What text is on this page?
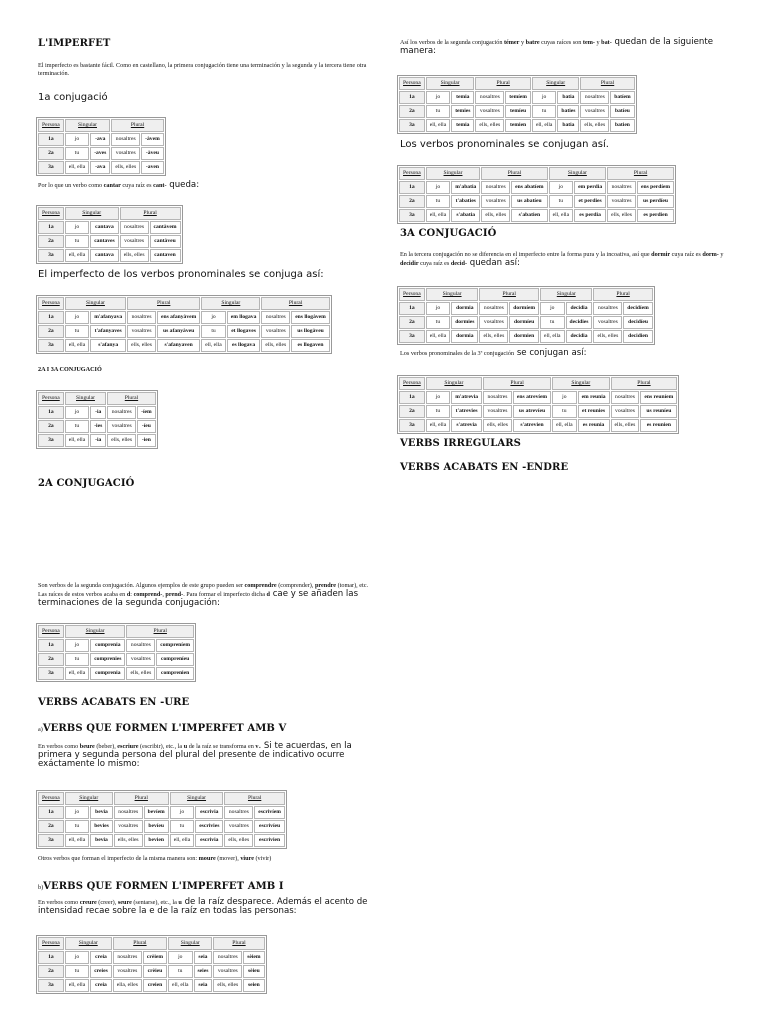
L'IMPERFET
El imperfecto es bastante fácil. Como en castellano, la primera conjugación tiene una terminación y la segunda y la tercera tiene otra terminación.
1a conjugació
Persona	Singular		Plural	
1a	jo	-ava	nosaltres	-àvem
2a	tu	-aves	vosaltres	-àveu
3a	ell, ella	-ava	ells, elles	-aven
Por lo que un verbo como cantar cuya raíz es cant- queda:
Persona	Singular		Plural	
1a	jo	cantava	nosaltres	cantàvem
2a	tu	cantaves	vosaltres	cantàveu
3a	ell, ella	cantava	ells, elles	cantaven
El imperfecto de los verbos pronominales se conjuga así:
Persona	Singular		Plural		Singular		Plural	
1a	jo	m'afanyava	nosaltres	ens afanyàvem	jo	em llogava	nosaltres	ens llogàvem
2a	tu	t'afanyaves	vosaltres	us afanyàveu	tu	et llogaves	vosaltres	us llogàveu
3a	ell, ella	s'afanya	ells, elles	s'afanyaven	ell, ella	es llogava	ells, elles	es llogaven
2A I 3A CONJUGACIÓ
Persona	Singular		Plural	
1a	jo	-ia	nosaltres	-íem
2a	tu	-ies	vosaltres	-íeu
3a	ell, ella	-ia	ells, elles	-ien
2A CONJUGACIÓ
Son verbos de la segunda conjugación. Algunos ejemplos de este grupo pueden ser comprendre (comprender), prendre (tomar), etc. Las raíces de estos verbos acaba en d: comprend-, prend-. Para formar el imperfecto dicha d cae y se añaden las terminaciones de la segunda conjugación:
Persona	Singular		Plural	
1a	jo	comprenia	nosaltres	compreníem
2a	tu	comprenies	vosaltres	compreníeu
3a	ell, ella	comprenia	ells, elles	comprenien
VERBS ACABATS EN -URE
a)VERBS QUE FORMEN L'IMPERFET AMB V
En verbos como beure (beber), escriure (escribir), etc., la u de la raíz se transforma en v. Si te acuerdas, en la primera y segunda persona del plural del presente de indicativo ocurre exáctamente lo mismo:
Persona	Singular		Plural		Singular		Plural	
1a	jo	bevia	nosaltres	bevíem	jo	escrivia	nosaltres	escrivíem
2a	tu	bevies	vosaltres	bevíeu	tu	escrivies	vosaltres	escrivíeu
3a	ell, ella	bevia	ells, elles	bevien	ell, ella	escrivia	ells, elles	escrivien
Otros verbos que forman el imperfecto de la misma manera son: moure (mover), viure (vivir)
b)VERBS QUE FORMEN L'IMPERFET AMB I
En verbos como creure (creer), seure (sentarse), etc., la u de la raíz desparece. Además el acento de intensidad recae sobre la e de la raíz en todas las personas:
Persona	Singular		Plural		Singular		Plural	
1a	jo	creia	nosaltres	crèiem	jo	seia	nosaltres	sèiem
2a	tu	creies	vosaltres	crèieu	tu	seies	vosaltres	sèieu
3a	ell, ella	creia	ella, elles	creien	ell, ella	seia	ells, elles	seien
Así los verbos de la segunda conjugación témer y batre cuyas raíces son tem- y bat- quedan de la siguiente manera:
Persona	Singular		Plural		Singular		Plural	
1a	jo	temia	nosaltres	temíem	jo	batia	nosaltres	batíem
2a	tu	temies	vosaltres	temíeu	tu	baties	vosaltres	batíeu
3a	ell, ella	temia	ells, elles	temien	ell, ella	batia	ells, elles	batien
Los verbos pronominales se conjugan así.
Persona	Singular		Plural		Singular		Plural	
1a	jo	m'abatia	nosaltres	ens abatíem	jo	em perdia	nosaltres	ens perdíem
2a	tu	t'abaties	vosaltres	us abatíeu	tu	et perdies	vosaltres	us perdíeu
3a	ell, ella	s'abatia	ells, elles	s'abatien	ell, ella	es perdia	ells, elles	es perdien
3A CONJUGACIÓ
En la tercera conjugación no se diferencia en el imperfecto entre la forma pura y la incoativa, así que dormir cuya raíz es dorm- y decidir cuya raíz es decid- quedan así:
Persona	Singular		Plural		Singular		Plural	
1a	jo	dormia	nosaltres	dormíem	jo	decidia	nosaltres	decidíem
2a	tu	dormies	vosaltres	dormíeu	tu	decidies	vosaltres	decidíeu
3a	ell, ella	dormia	ells, elles	dormien	ell, ella	decidia	ells, elles	decidien
Los verbos pronominales de la 3ª conjugación se conjugan así:
Persona	Singular		Plural		Singular		Plural	
1a	jo	m'atrevia	nosaltres	ens atrevíem	jo	em reunia	nosaltres	ens reuníem
2a	tu	t'atrevies	vosaltres	us atrevíeu	tu	et reunies	vosaltres	us reuníeu
3a	ell, ella	s'atrevia	ells, elles	s'atrevien	ell, ella	es reunia	ells, elles	es reunien
VERBS IRREGULARS
VERBS ACABATS EN -ENDRE
